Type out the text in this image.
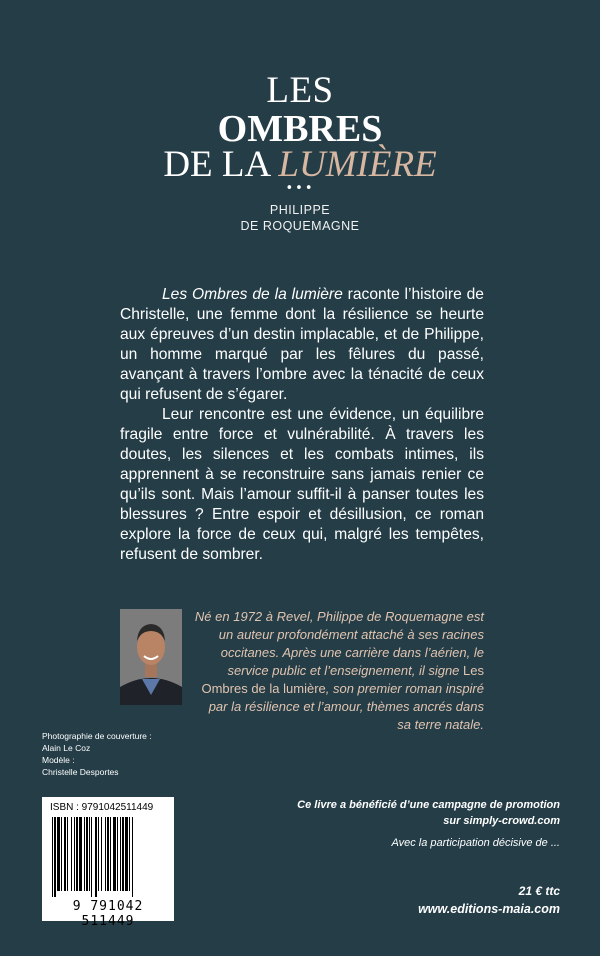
LES
OMBRES
DE LA LUMIÈRE
•••
PHILIPPE
DE ROQUEMAGNE

Les Ombres de la lumière raconte l’histoire de Christelle, une femme dont la résilience se heurte aux épreuves d’un destin implacable, et de Philippe, un homme marqué par les fêlures du passé, avançant à travers l’ombre avec la ténacité de ceux qui refusent de s’égarer.

Leur rencontre est une évidence, un équilibre fragile entre force et vulnérabilité. À travers les doutes, les silences et les combats intimes, ils apprennent à se reconstruire sans jamais renier ce qu’ils sont. Mais l’amour suffit-il à panser toutes les blessures ? Entre espoir et désillusion, ce roman explore la force de ceux qui, malgré les tempêtes, refusent de sombrer.

Né en 1972 à Revel, Philippe de Roquemagne est un auteur profondément attaché à ses racines occitanes. Après une carrière dans l’aérien, le service public et l’enseignement, il signe Les Ombres de la lumière, son premier roman inspiré par la résilience et l’amour, thèmes ancrés dans sa terre natale.
Photographie de couverture :
Alain Le Coz
Modèle :
Christelle Desportes
ISBN : 9791042511449
9 791042 511449
Ce livre a bénéficié d’une campagne de promotion
sur simply-crowd.com
Avec la participation décisive de ...
21 € ttc
www.editions-maia.com
